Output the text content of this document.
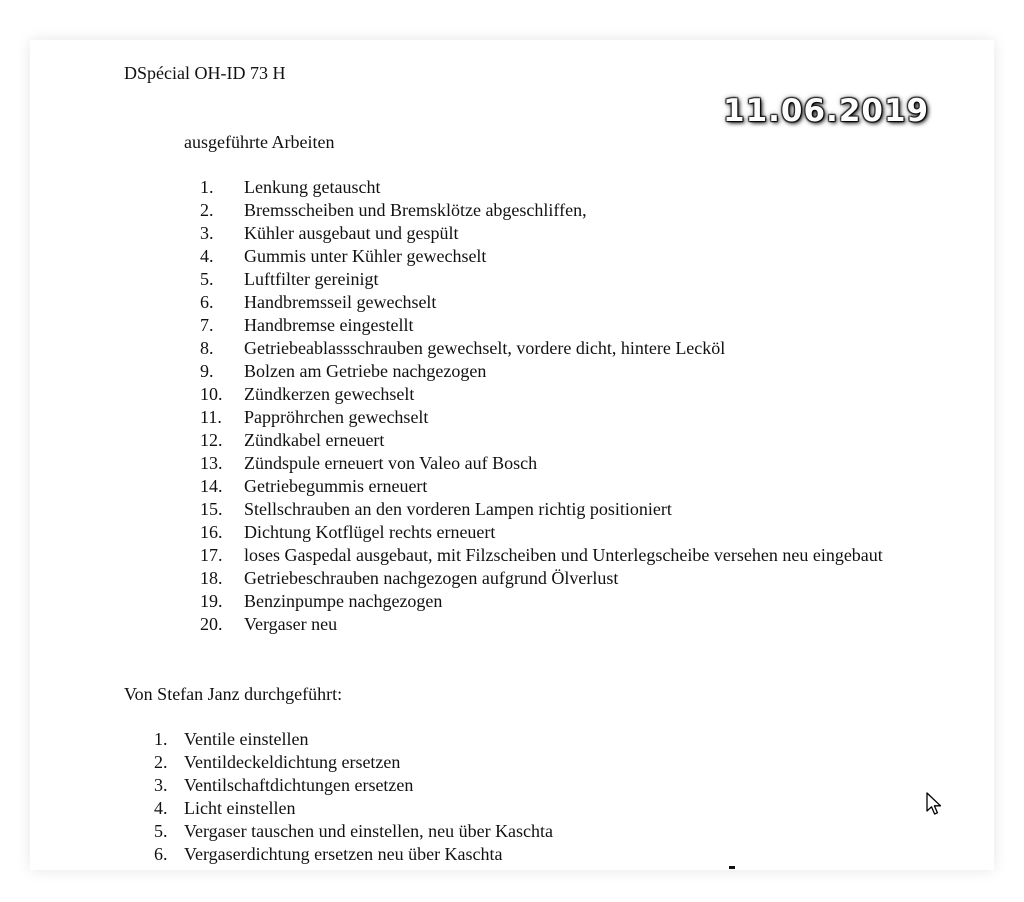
DSpécial OH-ID 73 H
11.06.2019
ausgeführte Arbeiten
1.	Lenkung getauscht
2.	Bremsscheiben und Bremsklötze abgeschliffen,
3.	Kühler ausgebaut und gespült
4.	Gummis unter Kühler gewechselt
5.	Luftfilter gereinigt
6.	Handbremsseil gewechselt
7.	Handbremse eingestellt
8.	Getriebeablassschrauben gewechselt, vordere dicht, hintere Lecköl
9.	Bolzen am Getriebe nachgezogen
10.	Zündkerzen gewechselt
11.	Pappröhrchen gewechselt
12.	Zündkabel erneuert
13.	Zündspule erneuert von Valeo auf Bosch
14.	Getriebegummis erneuert
15.	Stellschrauben an den vorderen Lampen richtig positioniert
16.	Dichtung Kotflügel rechts erneuert
17.	loses Gaspedal ausgebaut, mit Filzscheiben und Unterlegscheibe versehen neu eingebaut
18.	Getriebeschrauben nachgezogen aufgrund Ölverlust
19.	Benzinpumpe nachgezogen
20.	Vergaser neu
Von Stefan Janz durchgeführt:
1. Ventile einstellen
2. Ventildeckeldichtung ersetzen
3. Ventilschaftdichtungen ersetzen
4. Licht einstellen
5. Vergaser tauschen und einstellen, neu über Kaschta
6. Vergaserdichtung ersetzen neu über Kaschta
